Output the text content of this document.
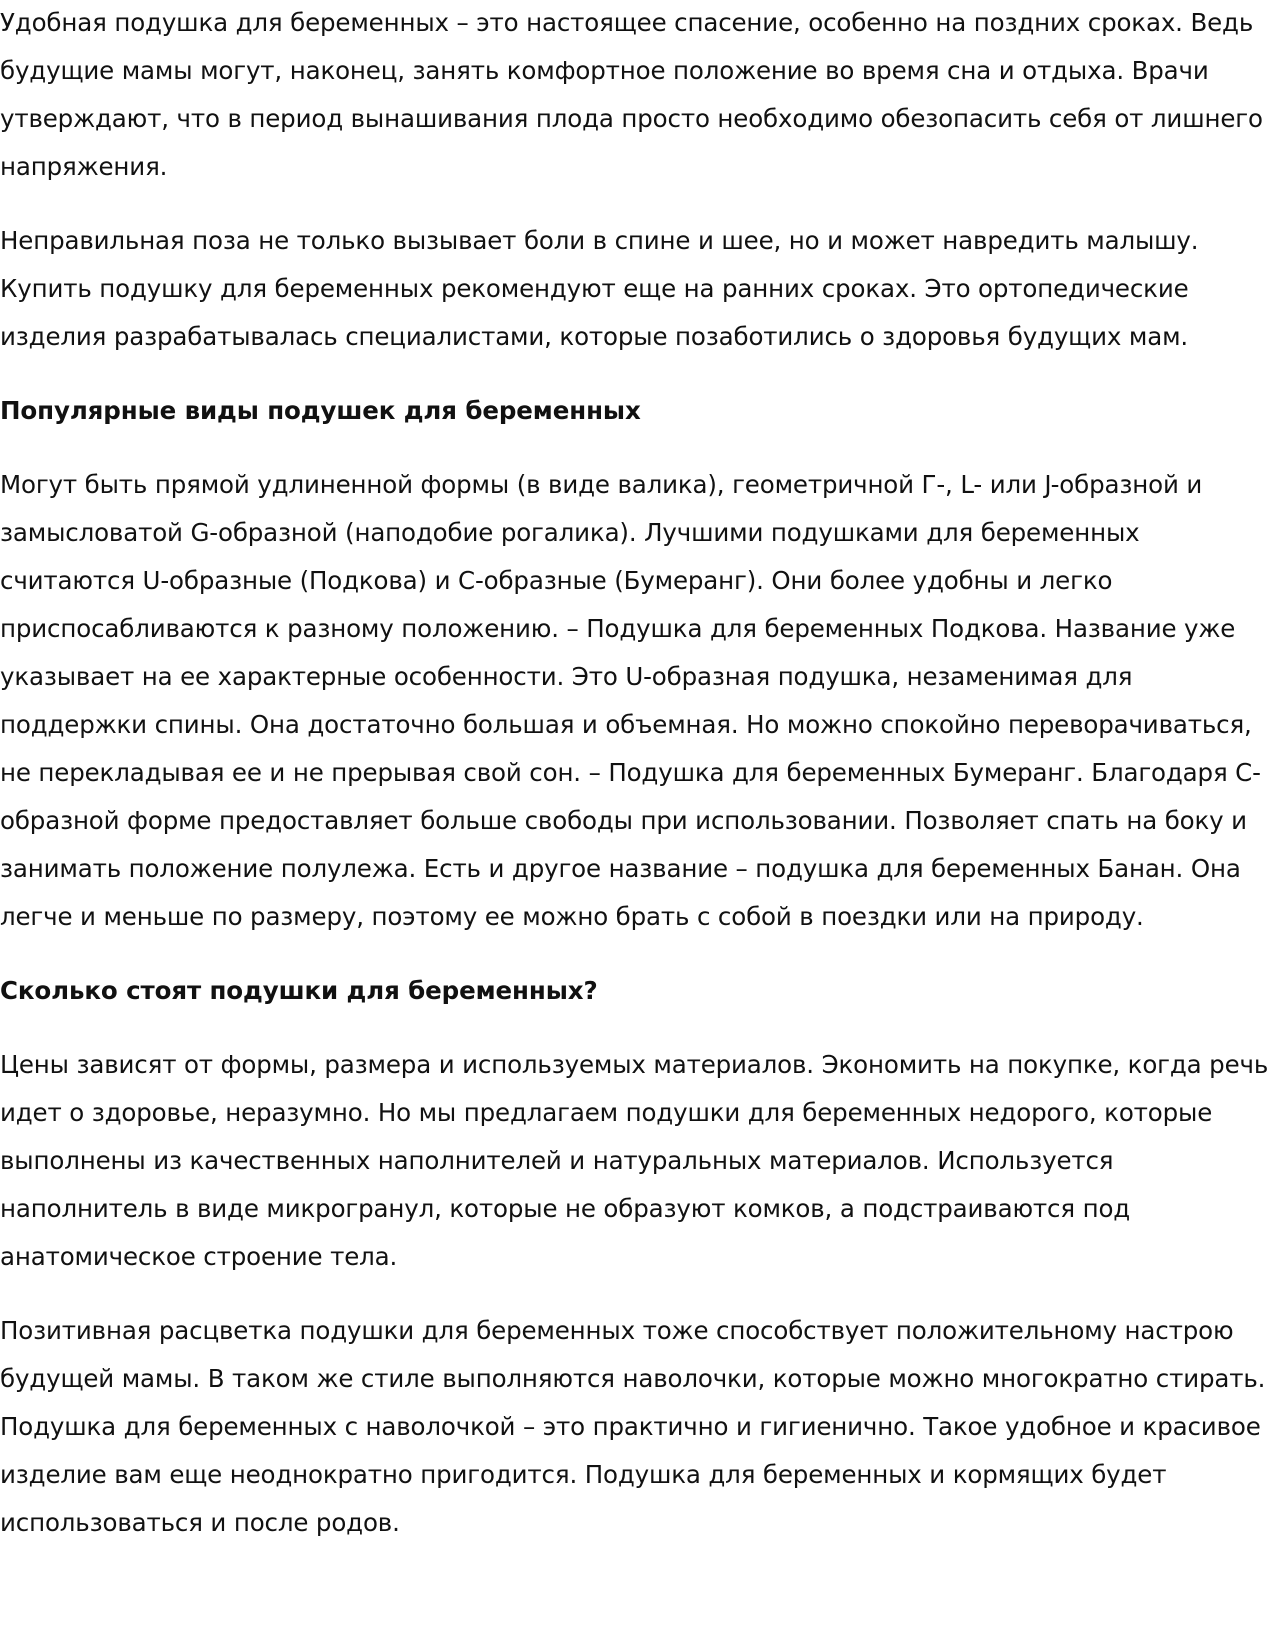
Удобная подушка для беременных – это настоящее спасение, особенно на поздних сроках. Ведь будущие мамы могут, наконец, занять комфортное положение во время сна и отдыха. Врачи утверждают, что в период вынашивания плода просто необходимо обезопасить себя от лишнего напряжения.

Неправильная поза не только вызывает боли в спине и шее, но и может навредить малышу. Купить подушку для беременных рекомендуют еще на ранних сроках. Это ортопедические изделия разрабатывалась специалистами, которые позаботились о здоровья будущих мам.

Популярные виды подушек для беременных

Могут быть прямой удлиненной формы (в виде валика), геометричной Г-, L- или J-образной и замысловатой G-образной (наподобие рогалика). Лучшими подушками для беременных считаются U-образные (Подкова) и С-образные (Бумеранг). Они более удобны и легко приспосабливаются к разному положению. – Подушка для беременных Подкова. Название уже указывает на ее характерные особенности. Это U-образная подушка, незаменимая для поддержки спины. Она достаточно большая и объемная. Но можно спокойно переворачиваться, не перекладывая ее и не прерывая свой сон. – Подушка для беременных Бумеранг. Благодаря С-образной форме предоставляет больше свободы при использовании. Позволяет спать на боку и занимать положение полулежа. Есть и другое название – подушка для беременных Банан. Она легче и меньше по размеру, поэтому ее можно брать с собой в поездки или на природу.

Сколько стоят подушки для беременных?

Цены зависят от формы, размера и используемых материалов. Экономить на покупке, когда речь идет о здоровье, неразумно. Но мы предлагаем подушки для беременных недорого, которые выполнены из качественных наполнителей и натуральных материалов. Используется наполнитель в виде микрогранул, которые не образуют комков, а подстраиваются под анатомическое строение тела.

Позитивная расцветка подушки для беременных тоже способствует положительному настрою будущей мамы. В таком же стиле выполняются наволочки, которые можно многократно стирать. Подушка для беременных с наволочкой – это практично и гигиенично. Такое удобное и красивое изделие вам еще неоднократно пригодится. Подушка для беременных и кормящих будет использоваться и после родов.
